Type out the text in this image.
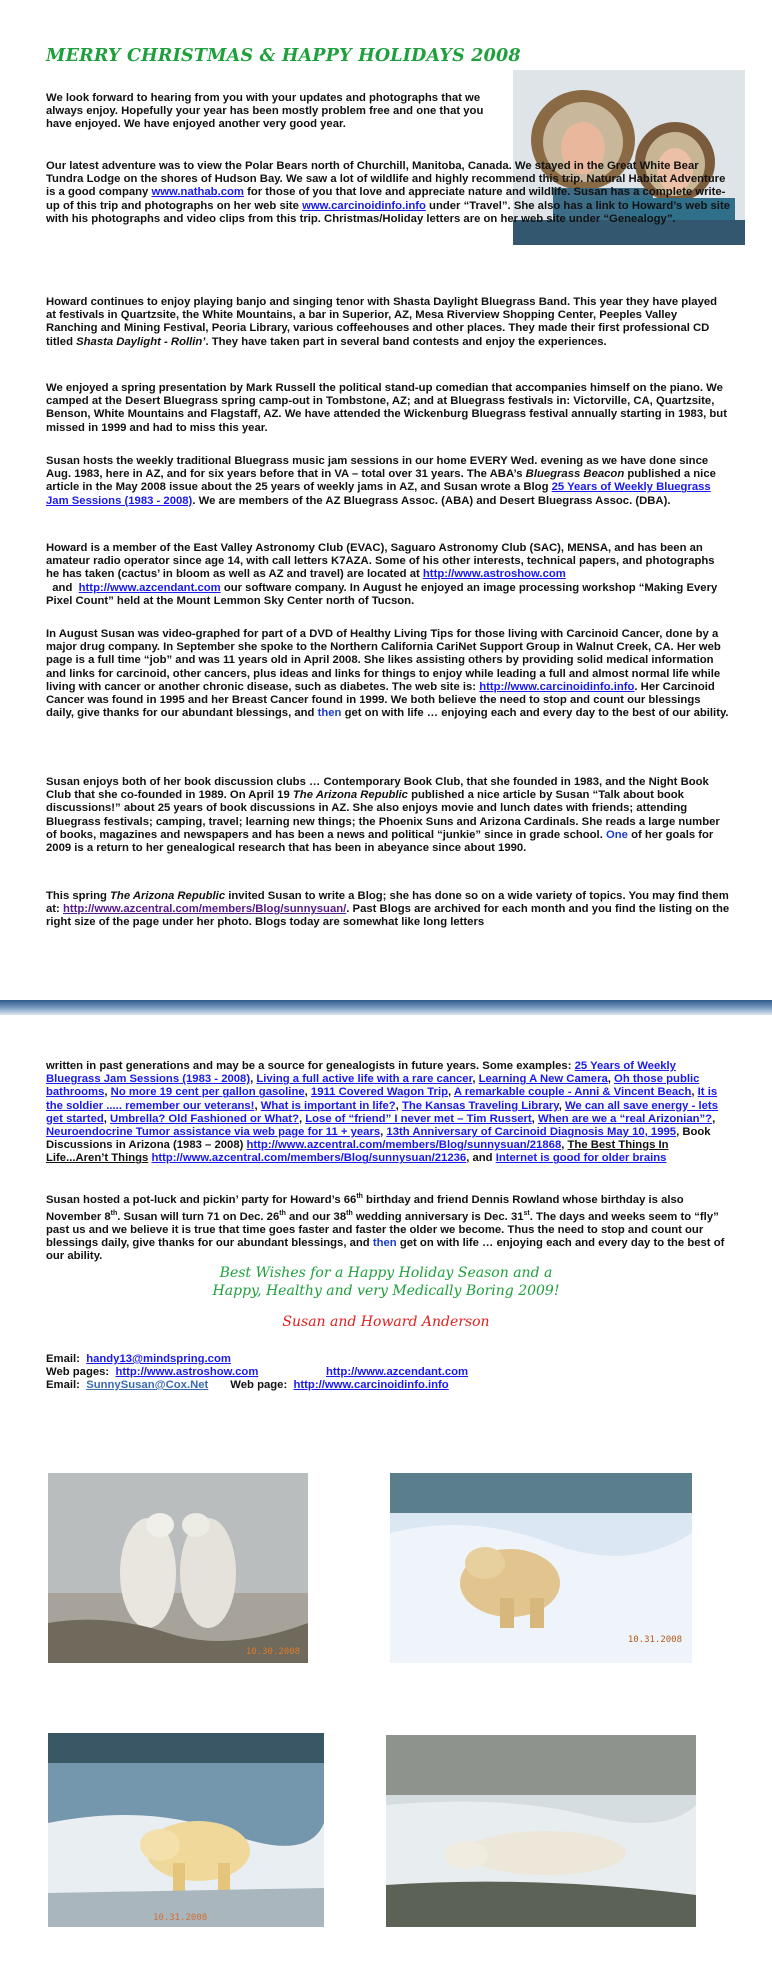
MERRY CHRISTMAS & HAPPY HOLIDAYS 2008

We look forward to hearing from you with your updates and photographs that we always enjoy. Hopefully your year has been mostly problem free and one that you have enjoyed. We have enjoyed another very good year.

Our latest adventure was to view the Polar Bears north of Churchill, Manitoba, Canada. We stayed in the Great White Bear Tundra Lodge on the shores of Hudson Bay. We saw a lot of wildlife and highly recommend this trip. Natural Habitat Adventure is a good company www.nathab.com for those of you that love and appreciate nature and wildlife. Susan has a complete write-up of this trip and photographs on her web site www.carcinoidinfo.info under “Travel”. She also has a link to Howard’s web site with his photographs and video clips from this trip. Christmas/Holiday letters are on her web site under “Genealogy”.

Howard continues to enjoy playing banjo and singing tenor with Shasta Daylight Bluegrass Band. This year they have played at festivals in Quartzsite, the White Mountains, a bar in Superior, AZ, Mesa Riverview Shopping Center, Peeples Valley Ranching and Mining Festival, Peoria Library, various coffeehouses and other places. They made their first professional CD titled Shasta Daylight - Rollin’. They have taken part in several band contests and enjoy the experiences.

We enjoyed a spring presentation by Mark Russell the political stand-up comedian that accompanies himself on the piano. We camped at the Desert Bluegrass spring camp-out in Tombstone, AZ; and at Bluegrass festivals in: Victorville, CA, Quartzsite, Benson, White Mountains and Flagstaff, AZ. We have attended the Wickenburg Bluegrass festival annually starting in 1983, but missed in 1999 and had to miss this year.

Susan hosts the weekly traditional Bluegrass music jam sessions in our home EVERY Wed. evening as we have done since Aug. 1983, here in AZ, and for six years before that in VA – total over 31 years. The ABA’s Bluegrass Beacon published a nice article in the May 2008 issue about the 25 years of weekly jams in AZ, and Susan wrote a Blog 25 Years of Weekly Bluegrass Jam Sessions (1983 - 2008). We are members of the AZ Bluegrass Assoc. (ABA) and Desert Bluegrass Assoc. (DBA).

Howard is a member of the East Valley Astronomy Club (EVAC), Saguaro Astronomy Club (SAC), MENSA, and has been an amateur radio operator since age 14, with call letters K7AZA. Some of his other interests, technical papers, and photographs he has taken (cactus’ in bloom as well as AZ and travel) are located at http://www.astroshow.com  and  http://www.azcendant.com our software company. In August he enjoyed an image processing workshop “Making Every Pixel Count” held at the Mount Lemmon Sky Center north of Tucson.

In August Susan was video-graphed for part of a DVD of Healthy Living Tips for those living with Carcinoid Cancer, done by a major drug company. In September she spoke to the Northern California CariNet Support Group in Walnut Creek, CA. Her web page is a full time “job” and was 11 years old in April 2008. She likes assisting others by providing solid medical information and links for carcinoid, other cancers, plus ideas and links for things to enjoy while leading a full and almost normal life while living with cancer or another chronic disease, such as diabetes. The web site is: http://www.carcinoidinfo.info. Her Carcinoid Cancer was found in 1995 and her Breast Cancer found in 1999. We both believe the need to stop and count our blessings daily, give thanks for our abundant blessings, and then get on with life … enjoying each and every day to the best of our ability.

Susan enjoys both of her book discussion clubs … Contemporary Book Club, that she founded in 1983, and the Night Book Club that she co-founded in 1989. On April 19 The Arizona Republic published a nice article by Susan “Talk about book discussions!” about 25 years of book discussions in AZ. She also enjoys movie and lunch dates with friends; attending Bluegrass festivals; camping, travel; learning new things; the Phoenix Suns and Arizona Cardinals. She reads a large number of books, magazines and newspapers and has been a news and political “junkie” since in grade school. One of her goals for 2009 is a return to her genealogical research that has been in abeyance since about 1990.

This spring The Arizona Republic invited Susan to write a Blog; she has done so on a wide variety of topics. You may find them at: http://www.azcentral.com/members/Blog/sunnysuan/. Past Blogs are archived for each month and you find the listing on the right size of the page under her photo. Blogs today are somewhat like long letters

written in past generations and may be a source for genealogists in future years. Some examples: 25 Years of Weekly Bluegrass Jam Sessions (1983 - 2008), Living a full active life with a rare cancer, Learning A New Camera, Oh those public bathrooms, No more 19 cent per gallon gasoline, 1911 Covered Wagon Trip, A remarkable couple - Anni & Vincent Beach, It is the soldier ..... remember our veterans!, What is important in life?, The Kansas Traveling Library, We can all save energy - lets get started, Umbrella? Old Fashioned or What?, Lose of “friend” I never met – Tim Russert, When are we a “real Arizonian”?, Neuroendocrine Tumor assistance via web page for 11 + years, 13th Anniversary of Carcinoid Diagnosis May 10, 1995, Book Discussions in Arizona (1983 – 2008) http://www.azcentral.com/members/Blog/sunnysuan/21868, The Best Things In Life...Aren’t Things http://www.azcentral.com/members/Blog/sunnysuan/21236, and Internet is good for older brains

Susan hosted a pot-luck and pickin’ party for Howard’s 66th birthday and friend Dennis Rowland whose birthday is also November 8th. Susan will turn 71 on Dec. 26th and our 38th wedding anniversary is Dec. 31st. The days and weeks seem to “fly” past us and we believe it is true that time goes faster and faster the older we become. Thus the need to stop and count our blessings daily, give thanks for our abundant blessings, and then get on with life … enjoying each and every day to the best of our ability.

Best Wishes for a Happy Holiday Season and a

Happy, Healthy and very Medically Boring 2009!

Susan and Howard Anderson

Email: handy13@mindspring.com
Web pages: http://www.astroshow.com	http://www.azcendant.com
Email: SunnySusan@Cox.Net Web page: http://www.carcinoidinfo.info
10.30.2008
10.31.2008
10.31.2008
